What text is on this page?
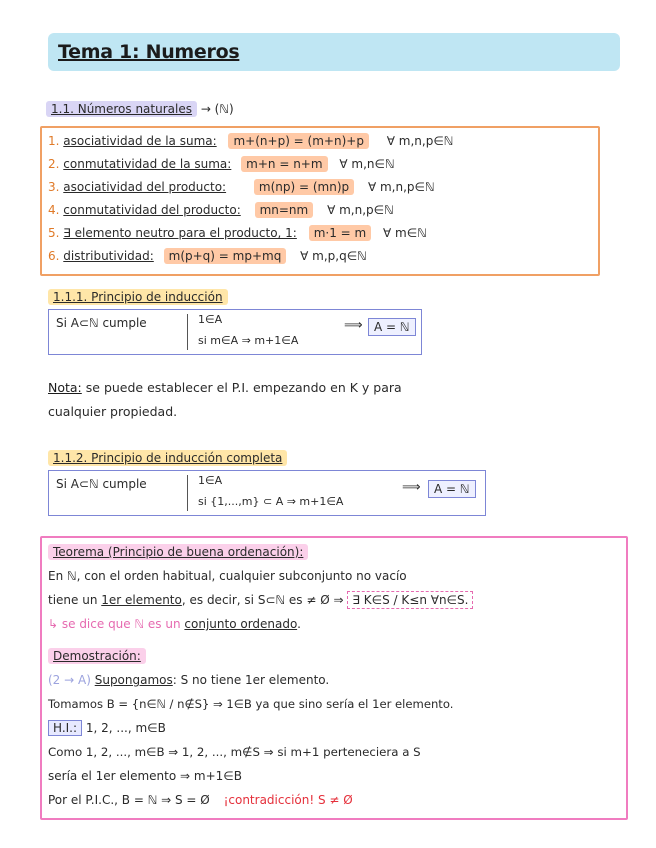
Tema 1: Numeros
1.1. Números naturales → (ℕ)
1. asociatividad de la suma: m+(n+p) = (m+n)+p ∀ m,n,p∈ℕ
2. conmutatividad de la suma: m+n = n+m ∀ m,n∈ℕ
3. asociatividad del producto:	m(np) = (mn)p ∀ m,n,p∈ℕ
4. conmutatividad del producto: mn=nm ∀ m,n,p∈ℕ
5. ∃ elemento neutro para el producto, 1: m·1 = m ∀ m∈ℕ
6. distributividad: m(p+q) = mp+mq ∀ m,p,q∈ℕ
1.1.1. Principio de inducción
Si A⊂ℕ cumple	1∈A
si m∈A ⇒ m+1∈A
⟹ A = ℕ
Nota: se puede establecer el P.I. empezando en K y para
cualquier propiedad.
1.1.2. Principio de inducción completa
Si A⊂ℕ cumple	1∈A
si {1,...,m} ⊂ A ⇒ m+1∈A
⟹	A = ℕ
Teorema (Principio de buena ordenación):
En ℕ, con el orden habitual, cualquier subconjunto no vacío
tiene un 1er elemento, es decir, si S⊂ℕ es ≠ Ø ⇒ ∃ K∈S / K≤n ∀n∈S.
↳ se dice que ℕ es un conjunto ordenado.
Demostración:
(2 → A) Supongamos: S no tiene 1er elemento.
Tomamos B = {n∈ℕ / n∉S} ⇒ 1∈B ya que sino sería el 1er elemento.
H.I.: 1, 2, ..., m∈B
Como 1, 2, ..., m∈B ⇒ 1, 2, ..., m∉S ⇒ si m+1 perteneciera a S
sería el 1er elemento ⇒ m+1∈B
Por el P.I.C., B = ℕ ⇒ S = Ø ¡contradicción! S ≠ Ø
